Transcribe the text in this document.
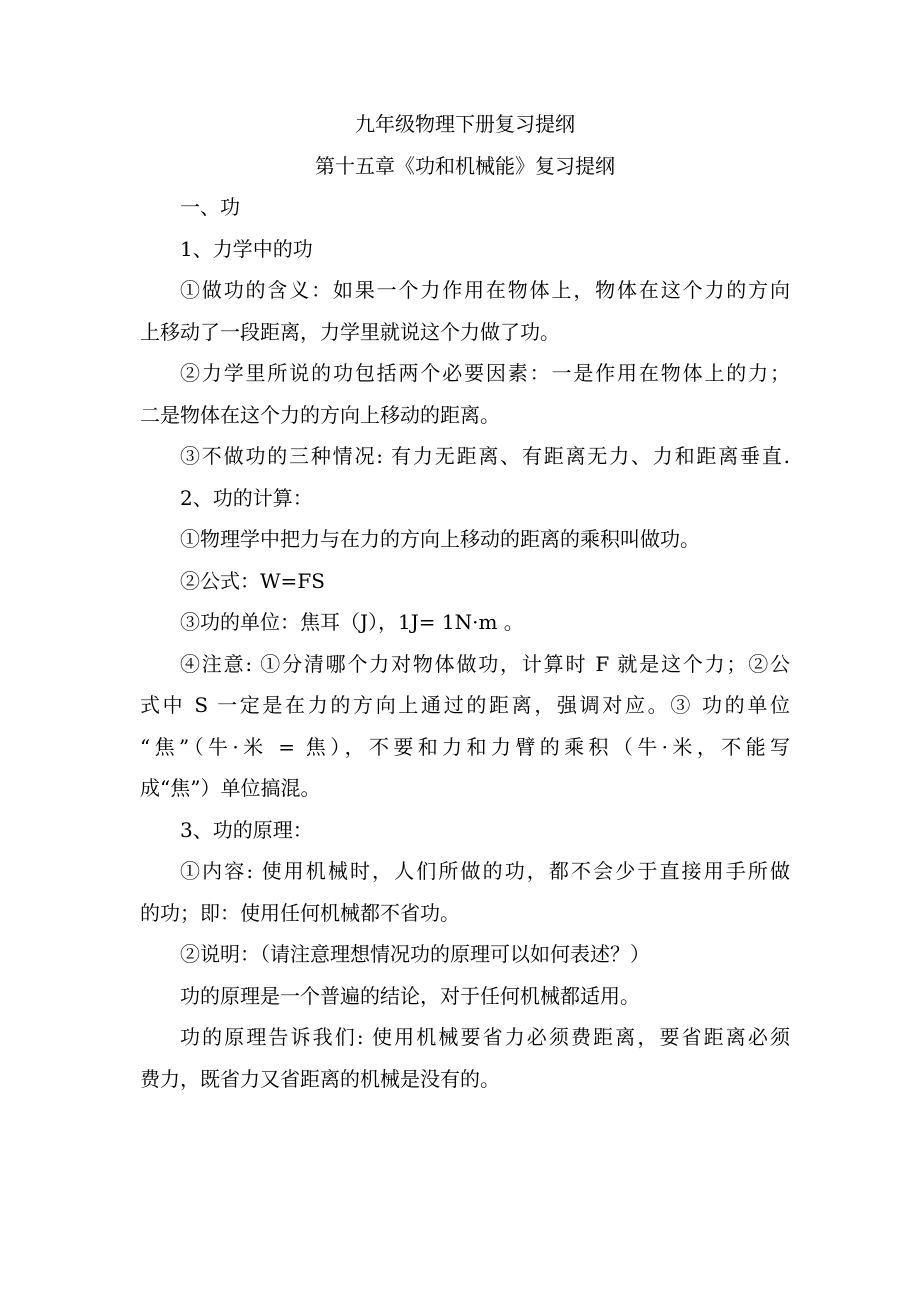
九年级物理下册复习提纲
第十五章《功和机械能》复习提纲
一、功
1、力学中的功
①做功的含义：如果一个力作用在物体上，物体在这个力的方向
上移动了一段距离，力学里就说这个力做了功。
②力学里所说的功包括两个必要因素：一是作用在物体上的力；
二是物体在这个力的方向上移动的距离。
③不做功的三种情况: 有力无距离、有距离无力、力和距离垂直.
2、功的计算：
①物理学中把力与在力的方向上移动的距离的乘积叫做功。
②公式：W=FS
③功的单位：焦耳（J），1J= 1N·m 。
④注意: ①分清哪个力对物体做功，计算时 F 就是这个力；②公
式中 S 一定是在力的方向上通过的距离，强调对应。③ 功的单位
“焦”（牛·米 = 焦），不要和力和力臂的乘积（牛·米，不能写
成“焦”）单位搞混。
3、功的原理：
①内容: 使用机械时，人们所做的功，都不会少于直接用手所做
的功；即：使用任何机械都不省功。
②说明：（请注意理想情况功的原理可以如何表述？）
功的原理是一个普遍的结论，对于任何机械都适用。
功的原理告诉我们: 使用机械要省力必须费距离，要省距离必须
费力，既省力又省距离的机械是没有的。
